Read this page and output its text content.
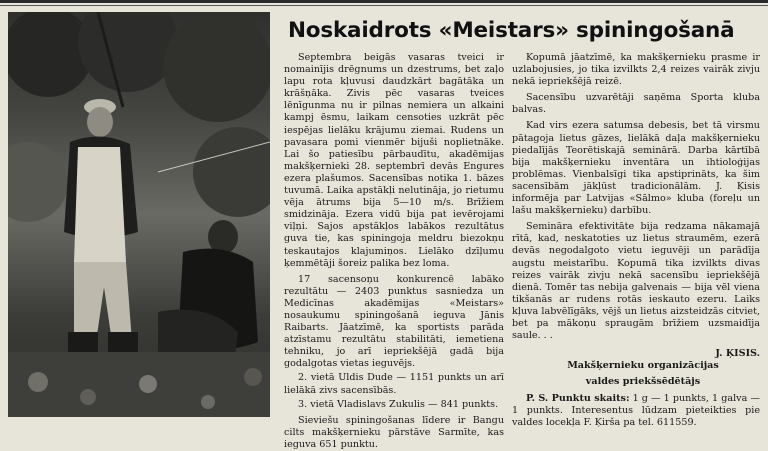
Noskaidrots «Meistars» spiningošanā

Septembra beigās vasaras tveici ir nomainījis drēgnums un dzestrums, bet zaļo lapu rota kļuvusi daudzkārt bagātāka un krāšņāka. Zivis pēc vasaras tveices lēnīgunma nu ir pilnas nemiera un alkaini kampj ēsmu, laikam censoties uzkrāt pēc iespējas lielāku krājumu ziemai. Rudens un pavasara pomi vienmēr bijuši noplietnāke. Lai šo patiesību pārbaudītu, akadēmijas makšķernieki 28. septembrī devās Engures ezera plašumos. Sacensības notika 1. bāzes tuvumā. Laika apstākļi nelutināja, jo rietumu vēja ātrums bija 5—10 m/s. Brīžiem smidzināja. Ezera vidū bija pat ievērojami viļņi. Sajos apstākļos labākos rezultātus guva tie, kas spiningoja meldru biezokņu teskautajos klajumiņos. Lielāko dzīļumu ķemmētāji šoreiz palika bez loma.

17 sacensoņu konkurencē labāko rezultātu — 2403 punktus sasniedza un Medicīnas akadēmijas «Meistars» nosaukumu spiningošanā ieguva Jānis Raibarts. Jāatzīmē, ka sportists parāda atzīstamu rezultātu stabilitāti, iemetiena tehniku, jo arī iepriekšējā gadā bija godalgotas vietas ieguvējs.

2. vietā Uldis Dude — 1151 punkts un arī lielākā zivs sacensībās.

3. vietā Vladislavs Zukulis — 841 punkts.

Sieviešu spiningošanas līdere ir Bangu cilts makšķernieku pārstāve Sarmīte, kas ieguva 651 punktu.

Kopumā jāatzīmē, ka makšķernieku prasme ir uzlabojusies, jo tika izvilkts 2,4 reizes vairāk zivju nekā iepriekšējā reizē.

Sacensību uzvarētāji saņēma Sporta kluba balvas.

Kad virs ezera satumsa debesis, bet tā virsmu pātagoja lietus gāzes, lielākā daļa makšķernieku piedalījās Teorētiskajā seminārā. Darba kārtībā bija makšķernieku inventāra un ihtioloģijas problēmas. Vienbalsīgi tika apstiprināts, ka šim sacensībām jākļūst tradicionālām. J. Ķisis informēja par Latvijas «Sālmo» kluba (foreļu un lašu makšķernieku) darbību.

Semināra efektivitāte bija redzama nākamajā rītā, kad, neskatoties uz lietus straumēm, ezerā devās negodalgoto vietu ieguvēji un parādīja augstu meistarību. Kopumā tika izvilkts divas reizes vairāk zivju nekā sacensību iepriekšējā dienā. Tomēr tas nebija galvenais — bija vēl viena tikšanās ar rudens rotās ieskauto ezeru. Laiks kļuva labvēlīgāks, vējš un lietus aizsteidzās citviet, bet pa mākoņu spraugām brīžiem uzsmaidīja saule. . .

J. ĶISIS.

Makšķernieku organizācijas

valdes priekšsēdētājs

P. S. Punktu skaits: 1 g — 1 punkts, 1 galva — 1 punkts. Interesentus lūdzam pieteikties pie valdes locekļa F. Ķirša pa tel. 611559.
